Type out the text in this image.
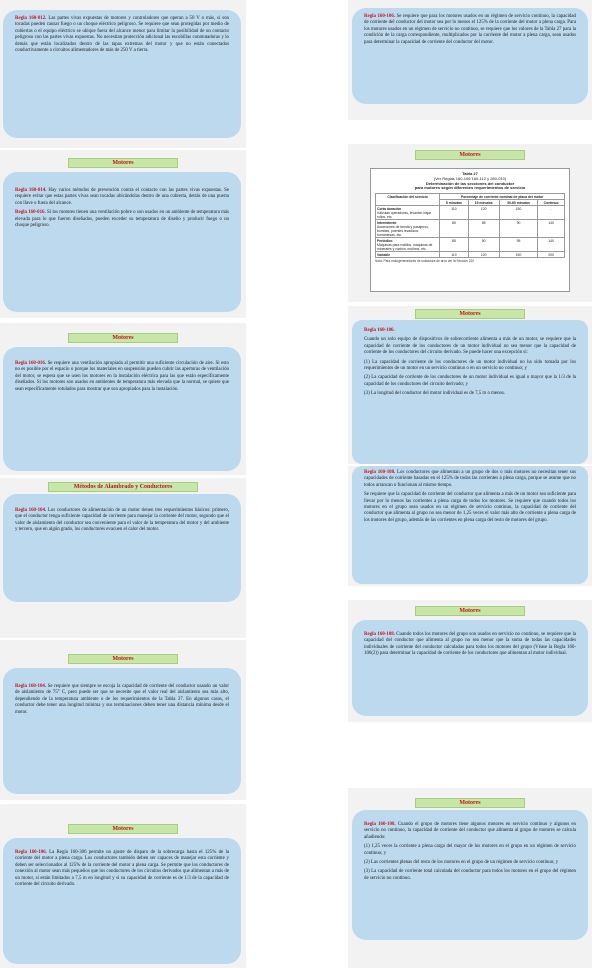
Regla 160-012. Las partes vivas expuestas de motores y controladores que operan a 50 V o más, si son tocadas pueden causar fuego o un choque eléctrico peligroso. Se requiere que sean protegidas por medio de cubiertas o el equipo eléctrico se ubique fuera del alcance menor para limitar la posibilidad de un contacto peligroso con las partes vivas expuestas. No necesitan protección adicional las escobillas conmutadoras y lo demás que están localizados dentro de las tapas extremas del motor y que no están conectados conductivamente a circuitos alimentadores de más de 250 V a tierra.

Motores

Regla 160-014. Hay varios métodos de prevención contra el contacto con las partes vivas expuestas. Se requiere evitar que estas partes vivas sean tocadas ubicándolas dentro de una cubierta, detrás de una puerta con llave o fuera del alcance.

Regla 160-016. Si los motores tienen una ventilación pobre o son usados en un ambiente de temperatura más elevada para lo que fueron diseñados, pueden exceder su temperatura de diseño y producir fuego o un choque peligroso.

Motores

Regla 160-016. Se requiere una ventilación apropiada al permitir una suficiente circulación de aire. Si esto no es posible por el espacio o porque los materiales en suspensión pueden cubrir las aperturas de ventilación del motor, se espera que se usen los motores en la instalación eléctrica para las que están específicamente diseñados. Si los motores son usados en ambientes de temperatura más elevada que la normal, se quiere que sean específicamente rotulados para mostrar que son apropiados para la instalación.

Métodos de Alambrado y Conductores

Regla 160-104. Los conductores de alimentación de un motor tienen tres requerimientos básicos: primero, que el conductor tenga suficiente capacidad de corriente para manejar la corriente del motor, segundo que el valor de aislamiento del conductor sea conveniente para el valor de la temperatura del motor y del ambiente y tercero, que en algún grado, los conductores evacuen el calor del motor.

Motores

Regla 160-104. Se requiere que siempre se escoja la capacidad de corriente del conductor usando un valor de aislamiento de 75° C, pero puede ser que se necesite que el valor real del aislamiento sea más alto, dependiendo de la temperatura ambiente o de los requerimientos de la Tabla 37. En algunos casos, el conductor debe tener una longitud mínima y sus terminaciones deben tener una distancia mínima desde el motor.

Motores

Regla 160-106. La Regla 160-306 permite un ajuste de disparo de la sobrecarga hasta el 125% de la corriente del motor a plena carga. Los conductores también deben ser capaces de manejar esta corriente y deben ser seleccionados al 125% de la corriente del motor a plena carga. Se permite que los conductores de conexión al motor sean más pequeños que los conductores de los circuitos derivados que alimentan a más de un motor, si están limitados a 7,5 m en longitud y si su capacidad de corriente es de 1/3 de la capacidad de corriente del circuito derivado.

Regla 160-106. Se requiere que para los motores usados en un régimen de servicio continuo, la capacidad de corriente del conductor del motor sea por lo menos el 125% de la corriente del motor a plena carga. Para los motores usados en un régimen de servicio no continuo, se requiere que los valores de la Tabla 27 para la condición de la carga correspondiente, multiplicados por la corriente del motor a plena carga, sean usados para determinar la capacidad de corriente del conductor del motor.

Motores
Tabla 27
(Ver Reglas 160-106 160-112 y 280-010)
Determinación de las secciones del conductor
para motores según diferentes requerimientos de servicio
Clasificación del servicio	Porcentaje de corriente nominal de placa del motor			
	5 minutos	15 minutos	30-60 minutos	Continuo
Corta duración
Válvulas operadoras, levantar, bajar rollos, etc.	110	120	150	-
Intermitente
Ascensores de tienda y pasajeros, bombas, puentes levadizos, tornamesas, etc.	85	85	90	140
Periódico
Máquinas para rodillos, máquinas de minerales y carbón, molinos, etc.	85	90	95	140
Variable	110	120	150	200
Nota: Para motogeneradores de soldadura de arco ver la Sección 220
Motores

Regla 160-106.

Cuando un solo equipo de dispositivos de sobrecorriente alimenta a más de un motor, se requiere que la capacidad de corriente de los conductores de un motor individual no sea menor que la capacidad de corriente de los conductores del circuito derivado. Se puede hacer una excepción si:

(1) La capacidad de corriente de los conductores de un motor individual no ha sido tomada por los requerimientos de un motor en un servicio continuo o en un servicio no continuo; y

(2) La capacidad de corriente de los conductores de un motor individual es igual o mayor que la 1/3 de la capacidad de los conductores del circuito derivado; y

(3) La longitud del conductor del motor individual es de 7,5 m o menos.

Regla 160-108. Los conductores que alimentan a un grupo de dos o más motores no necesitan tener sus capacidades de corriente basadas en el 125% de todas las corrientes a plena carga, porque se asume que no todos arrancan o funcionan al mismo tiempo.

Se requiere que la capacidad de corriente del conductor que alimenta a más de un motor sea suficiente para llevar por lo menos las corrientes a plena carga de todos los motores. Se requiere que cuando todos los motores en el grupo sean usados en un régimen de servicio continuo, la capacidad de corriente del conductor que alimenta al grupo no sea menor de 1,25 veces el valor más alto de corriente a plena carga de los motores del grupo, además de las corrientes en plena carga del resto de motores del grupo.

Motores

Regla 160-108. Cuando todos los motores del grupo son usados en servicio no continuo, se requiere que la capacidad del conductor que alimenta al grupo no sea menor que la suma de todas las capacidades individuales de corriente del conductor calculadas para todos los motores del grupo (Véase la Regla 160-106(2)) para determinar la capacidad de corriente de los conductores que alimentan al motor individual.

Motores

Regla 160-108. Cuando el grupo de motores tiene algunos motores en servicio continuo y algunos en servicio no continuo, la capacidad de corriente del conductor que alimenta al grupo de motores se calcula añadiendo:

(1) 1,25 veces la corriente a plena carga del mayor de los motores en el grupo en un régimen de servicio continuo; y

(2) Las corrientes plenas del resto de los motores en el grupo de un régimen de servicio continuo; y

(3) La capacidad de corriente total calculada del conductor para todos los motores en el grupo del régimen de servicio no continuo.
